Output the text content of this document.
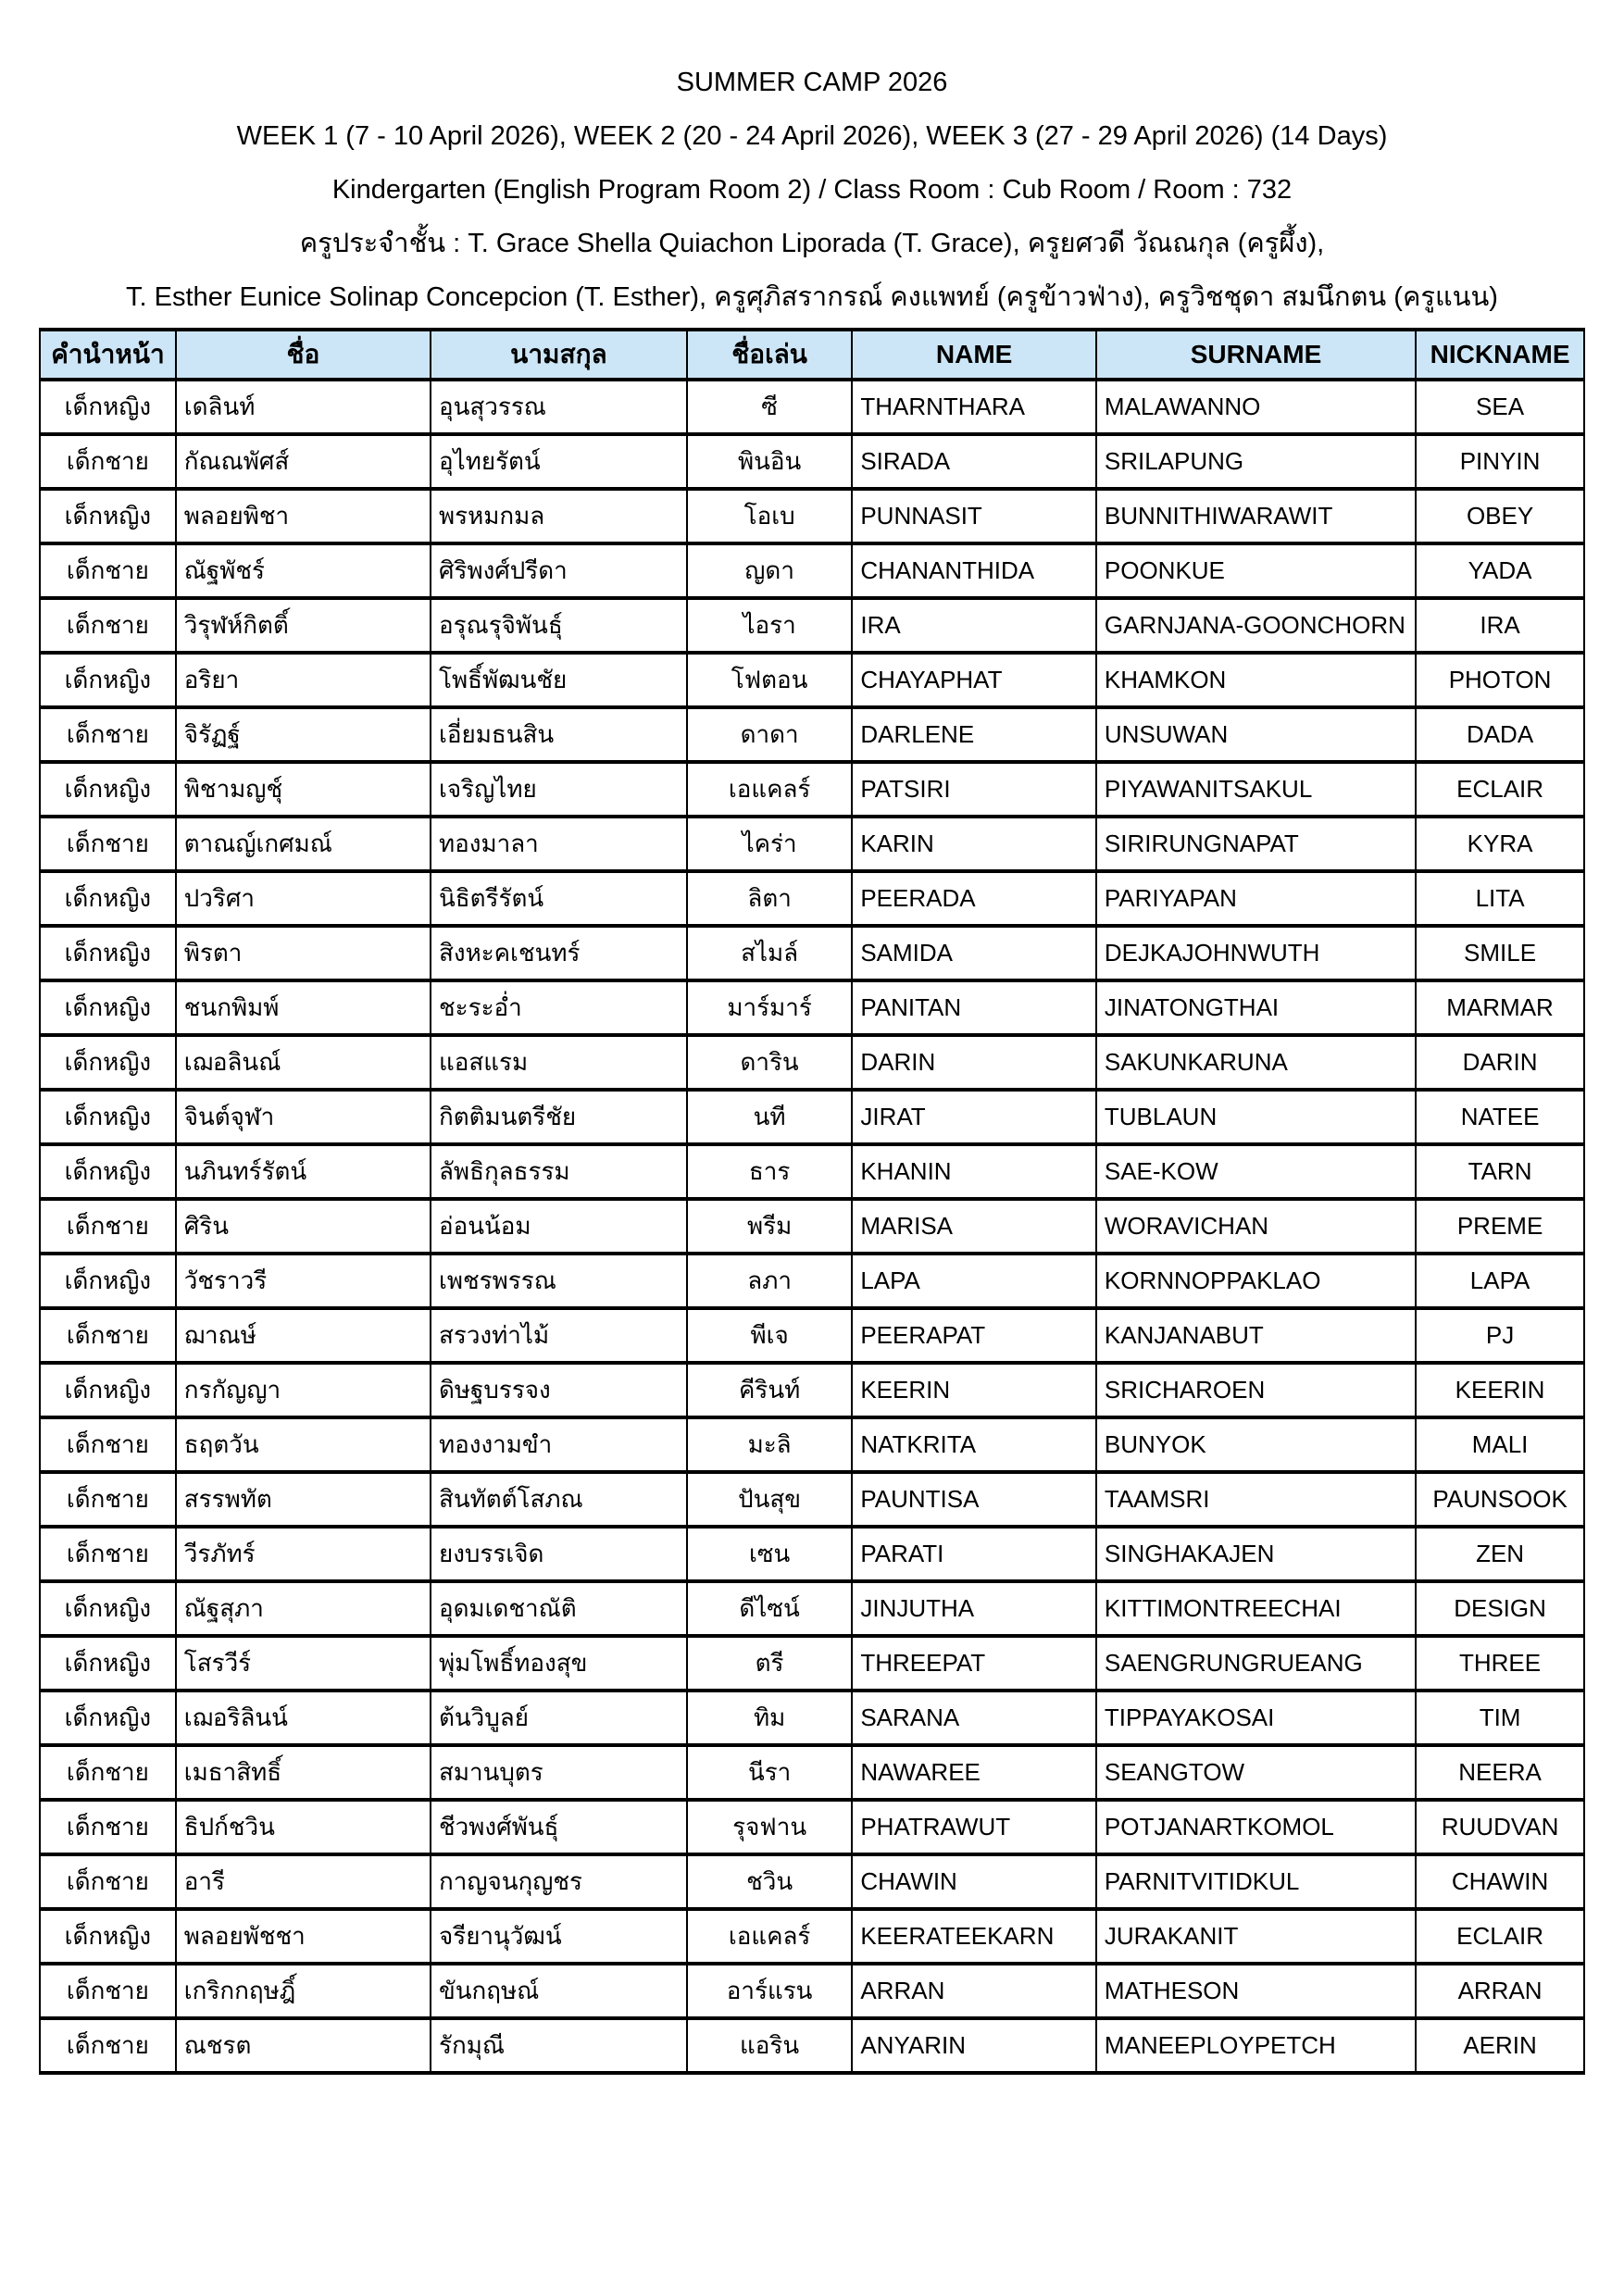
SUMMER CAMP 2026
WEEK 1 (7 - 10 April 2026), WEEK 2 (20 - 24 April 2026), WEEK 3 (27 - 29 April 2026) (14 Days)
Kindergarten (English Program Room 2) / Class Room : Cub Room / Room : 732
ครูประจำชั้น : T. Grace Shella Quiachon Liporada (T. Grace), ครูยศวดี วัณณกุล (ครูผึ้ง),
T. Esther Eunice Solinap Concepcion (T. Esther), ครูศุภิสรากรณ์ คงแพทย์ (ครูข้าวฟ่าง), ครูวิชชุดา สมนึกตน (ครูแนน)
คำนำหน้า	ชื่อ	นามสกุล	ชื่อเล่น	NAME	SURNAME	NICKNAME
เด็กหญิง	เดลินท์	อุนสุวรรณ	ซี	THARNTHARA	MALAWANNO	SEA
เด็กชาย	กัณณพัศส์	อุไทยรัตน์	พินอิน	SIRADA	SRILAPUNG	PINYIN
เด็กหญิง	พลอยพิชา	พรหมกมล	โอเบ	PUNNASIT	BUNNITHIWARAWIT	OBEY
เด็กชาย	ณัฐพัชร์	ศิริพงศ์ปรีดา	ญดา	CHANANTHIDA	POONKUE	YADA
เด็กชาย	วิรุฬห์กิตติ์	อรุณรุจิพันธุ์	ไอรา	IRA	GARNJANA-GOONCHORN	IRA
เด็กหญิง	อริยา	โพธิ์พัฒนชัย	โฟตอน	CHAYAPHAT	KHAMKON	PHOTON
เด็กชาย	จิรัฏฐ์	เอี่ยมธนสิน	ดาดา	DARLENE	UNSUWAN	DADA
เด็กหญิง	พิชามญชุ์	เจริญไทย	เอแคลร์	PATSIRI	PIYAWANITSAKUL	ECLAIR
เด็กชาย	ตาณญ์เกศมณ์	ทองมาลา	ไคร่า	KARIN	SIRIRUNGNAPAT	KYRA
เด็กหญิง	ปวริศา	นิธิตรีรัตน์	ลิตา	PEERADA	PARIYAPAN	LITA
เด็กหญิง	พิรตา	สิงหะคเชนทร์	สไมล์	SAMIDA	DEJKAJOHNWUTH	SMILE
เด็กหญิง	ชนกพิมพ์	ชะระอ่ำ	มาร์มาร์	PANITAN	JINATONGTHAI	MARMAR
เด็กหญิง	เฌอลินณ์	แอสแรม	ดาริน	DARIN	SAKUNKARUNA	DARIN
เด็กหญิง	จินต์จุฬา	กิตติมนตรีชัย	นที	JIRAT	TUBLAUN	NATEE
เด็กหญิง	นภินทร์รัตน์	ลัพธิกุลธรรม	ธาร	KHANIN	SAE-KOW	TARN
เด็กชาย	ศิริน	อ่อนน้อม	พรีม	MARISA	WORAVICHAN	PREME
เด็กหญิง	วัชราวรี	เพชรพรรณ	ลภา	LAPA	KORNNOPPAKLAO	LAPA
เด็กชาย	ฌาณษ์	สรวงท่าไม้	พีเจ	PEERAPAT	KANJANABUT	PJ
เด็กหญิง	กรกัญญา	ดิษฐบรรจง	คีรินท์	KEERIN	SRICHAROEN	KEERIN
เด็กชาย	ธฤตวัน	ทองงามขำ	มะลิ	NATKRITA	BUNYOK	MALI
เด็กชาย	สรรพทัต	สินทัตต์โสภณ	ปันสุข	PAUNTISA	TAAMSRI	PAUNSOOK
เด็กชาย	วีรภัทร์	ยงบรรเจิด	เซน	PARATI	SINGHAKAJEN	ZEN
เด็กหญิง	ณัฐสุภา	อุดมเดชาณัติ	ดีไซน์	JINJUTHA	KITTIMONTREECHAI	DESIGN
เด็กหญิง	โสรวีร์	พุ่มโพธิ์ทองสุข	ตรี	THREEPAT	SAENGRUNGRUEANG	THREE
เด็กหญิง	เฌอริลินน์	ต้นวิบูลย์	ทิม	SARANA	TIPPAYAKOSAI	TIM
เด็กชาย	เมธาสิทธิ์	สมานบุตร	นีรา	NAWAREE	SEANGTOW	NEERA
เด็กชาย	ธิปก์ชวิน	ชีวพงศ์พันธุ์	รุจฟาน	PHATRAWUT	POTJANARTKOMOL	RUUDVAN
เด็กชาย	อารี	กาญจนกุญชร	ชวิน	CHAWIN	PARNITVITIDKUL	CHAWIN
เด็กหญิง	พลอยพัชชา	จรียานุวัฒน์	เอแคลร์	KEERATEEKARN	JURAKANIT	ECLAIR
เด็กชาย	เกริกกฤษฎิ์	ขันกฤษณ์	อาร์แรน	ARRAN	MATHESON	ARRAN
เด็กชาย	ณชรต	รักมุณี	แอริน	ANYARIN	MANEEPLOYPETCH	AERIN
